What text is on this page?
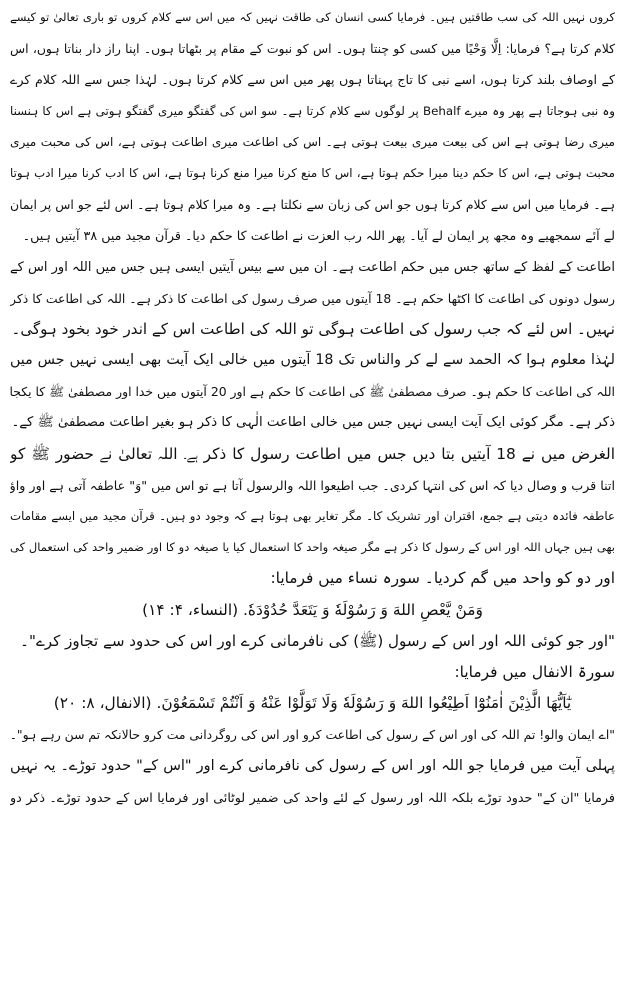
کروں نہیں اللہ کی سب طاقتیں ہیں۔ فرمایا کسی انسان کی طاقت نہیں کہ میں اس سے کلام کروں تو باری تعالیٰ تو کیسے
کلام کرتا ہے؟ فرمایا: اِلَّا وَحْیًا میں کسی کو چنتا ہوں۔ اس کو نبوت کے مقام پر بٹھاتا ہوں۔ اپنا راز دار بناتا ہوں، اس
کے اوصاف بلند کرتا ہوں، اسے نبی کا تاج پہناتا ہوں پھر میں اس سے کلام کرتا ہوں۔ لہٰذا جس سے اللہ کلام کرے
وہ نبی ہوجاتا ہے پھر وہ میرے Behalf پر لوگوں سے کلام کرتا ہے۔ سو اس کی گفتگو میری گفتگو ہوتی ہے اس کا ہنسنا
میری رضا ہوتی ہے اس کی بیعت میری بیعت ہوتی ہے۔ اس کی اطاعت میری اطاعت ہوتی ہے، اس کی محبت میری
محبت ہوتی ہے، اس کا حکم دینا میرا حکم ہوتا ہے، اس کا منع کرنا میرا منع کرنا ہوتا ہے، اس کا ادب کرنا میرا ادب ہوتا
ہے۔ فرمایا میں اس سے کلام کرتا ہوں جو اس کی زبان سے نکلتا ہے۔ وہ میرا کلام ہوتا ہے۔ اس لئے جو اس پر ایمان
لے آئے سمجھیے وہ مجھ پر ایمان لے آیا۔ پھر اللہ رب العزت نے اطاعت کا حکم دیا۔ قرآن مجید میں ۳۸ آیتیں ہیں۔
اطاعت کے لفظ کے ساتھ جس میں حکم اطاعت ہے۔ ان میں سے بیس آیتیں ایسی ہیں جس میں اللہ اور اس کے
رسول دونوں کی اطاعت کا اکٹھا حکم ہے۔ 18 آیتوں میں صرف رسول کی اطاعت کا ذکر ہے۔ اللہ کی اطاعت کا ذکر
نہیں۔ اس لئے کہ جب رسول کی اطاعت ہوگی تو اللہ کی اطاعت اس کے اندر خود بخود ہوگی۔
لہٰذا معلوم ہوا کہ الحمد سے لے کر والناس تک 18 آیتوں میں خالی ایک آیت بھی ایسی نہیں جس میں
اللہ کی اطاعت کا حکم ہو۔ صرف مصطفیٰ ﷺ کی اطاعت کا حکم ہے اور 20 آیتوں میں خدا اور مصطفیٰ ﷺ کا یکجا
ذکر ہے۔ مگر کوئی ایک آیت ایسی نہیں جس میں خالی اطاعت الٰہی کا ذکر ہو بغیر اطاعت مصطفیٰ ﷺ کے۔
الغرض میں نے 18 آیتیں بتا دیں جس میں اطاعت رسول کا ذکر ہے۔ اللہ تعالیٰ نے حضور ﷺ کو
اتنا قرب و وصال دیا کہ اس کی انتہا کردی۔ جب اطیعوا اللہ والرسول آتا ہے تو اس میں "وَ" عاطفہ آتی ہے اور واؤ
عاطفہ فائدہ دیتی ہے جمع، اقتران اور تشریک کا۔ مگر تغایر بھی ہوتا ہے کہ وجود دو ہیں۔ قرآن مجید میں ایسے مقامات
بھی ہیں جہاں اللہ اور اس کے رسول کا ذکر ہے مگر صیغہ واحد کا استعمال کیا یا صیغہ دو کا اور ضمیر واحد کی استعمال کی
اور دو کو واحد میں گم کردیا۔ سورہ نساء میں فرمایا:
وَمَنْ يَّعْصِ اللهَ وَ رَسُوْلَهٗ وَ يَتَعَدَّ حُدُوْدَهٗ. (النساء، ۴: ۱۴)
"اور جو کوئی اللہ اور اس کے رسول (ﷺ) کی نافرمانی کرے اور اس کی حدود سے تجاوز کرے"۔
سورۃ الانفال میں فرمایا:
يٰٓاَيُّهَا الَّذِيْنَ اٰمَنُوْٓا اَطِيْعُوا اللهَ وَ رَسُوْلَهٗ وَلَا تَوَلَّوْا عَنْهُ وَ اَنْتُمْ تَسْمَعُوْنَ. (الانفال، ۸: ۲۰)
"اے ایمان والو! تم اللہ کی اور اس کے رسول کی اطاعت کرو اور اس کی روگردانی مت کرو حالانکہ تم سن رہے ہو"۔
پہلی آیت میں فرمایا جو اللہ اور اس کے رسول کی نافرمانی کرے اور "اس کے" حدود توڑے۔ یہ نہیں
فرمایا "ان کے" حدود توڑے بلکہ اللہ اور رسول کے لئے واحد کی ضمیر لوٹائی اور فرمایا اس کے حدود توڑے۔ ذکر دو
